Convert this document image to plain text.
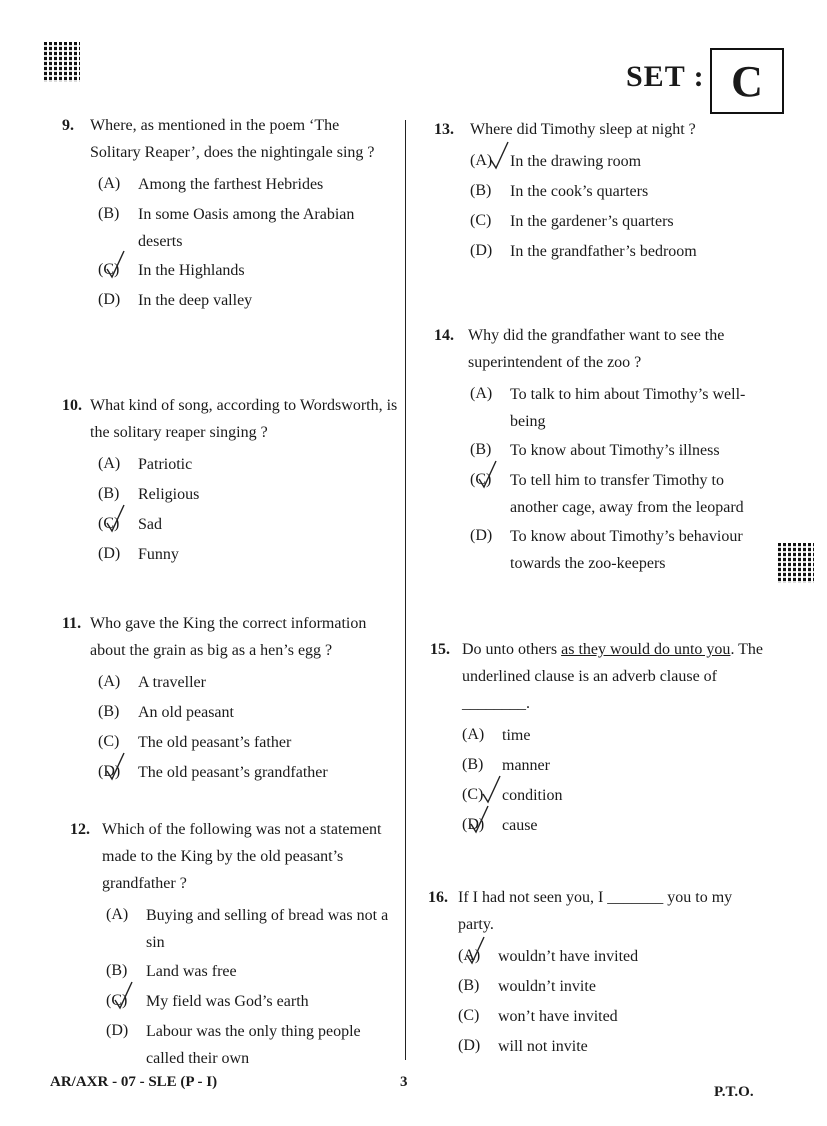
SET : C
9. Where, as mentioned in the poem ‘The Solitary Reaper’, does the nightingale sing ?
(A)	Among the farthest Hebrides
(B)	In some Oasis among the Arabian deserts
(C)	In the Highlands
(D)	In the deep valley
10. What kind of song, according to Wordsworth, is the solitary reaper singing ?
(A)	Patriotic
(B)	Religious
(C)	Sad
(D)	Funny
11. Who gave the King the correct information about the grain as big as a hen’s egg ?
(A)	A traveller
(B)	An old peasant
(C)	The old peasant’s father
(D)	The old peasant’s grandfather
12. Which of the following was not a statement made to the King by the old peasant’s grandfather ?
(A)	Buying and selling of bread was not a sin
(B)	Land was free
(C)	My field was God’s earth
(D)	Labour was the only thing people called their own
13. Where did Timothy sleep at night ?
(A)	In the drawing room
(B)	In the cook’s quarters
(C)	In the gardener’s quarters
(D)	In the grandfather’s bedroom
14. Why did the grandfather want to see the superintendent of the zoo ?
(A)	To talk to him about Timothy’s well-being
(B)	To know about Timothy’s illness
(C)	To tell him to transfer Timothy to another cage, away from the leopard
(D)	To know about Timothy’s behaviour towards the zoo-keepers
15. Do unto others as they would do unto you. The underlined clause is an adverb clause of ________.
(A)	time
(B)	manner
(C)	condition
(D)	cause
16. If I had not seen you, I _______ you to my party.
(A)	wouldn’t have invited
(B)	wouldn’t invite
(C)	won’t have invited
(D)	will not invite
AR/AXR - 07 - SLE (P - I)	3
P.T.O.
